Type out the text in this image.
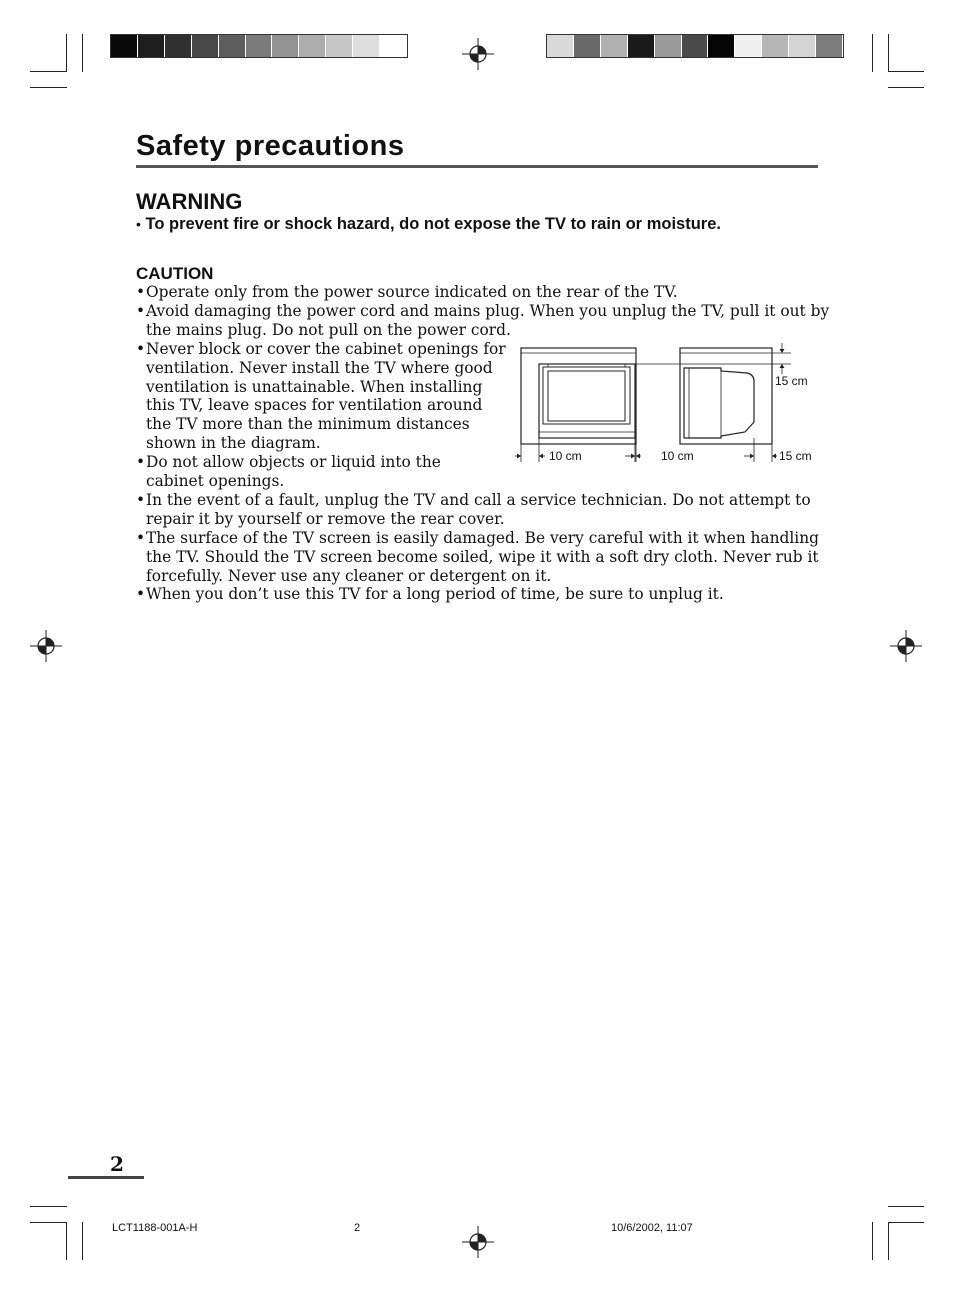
Safety precautions
WARNING
• To prevent fire or shock hazard, do not expose the TV to rain or moisture.
CAUTION
• Operate only from the power source indicated on the rear of the TV.
• Avoid damaging the power cord and mains plug. When you unplug the TV, pull it out by
the mains plug. Do not pull on the power cord.
• Never block or cover the cabinet openings for
ventilation. Never install the TV where good
ventilation is unattainable. When installing
this TV, leave spaces for ventilation around
the TV more than the minimum distances
shown in the diagram.
• Do not allow objects or liquid into the
cabinet openings.
• In the event of a fault, unplug the TV and call a service technician. Do not attempt to
repair it by yourself or remove the rear cover.
• The surface of the TV screen is easily damaged. Be very careful with it when handling
the TV. Should the TV screen become soiled, wipe it with a soft dry cloth. Never rub it
forcefully. Never use any cleaner or detergent on it.
• When you don’t use this TV for a long period of time, be sure to unplug it.
15 cm
10 cm	10 cm	15 cm
2
LCT1188-001A-H	2	10/6/2002, 11:07
